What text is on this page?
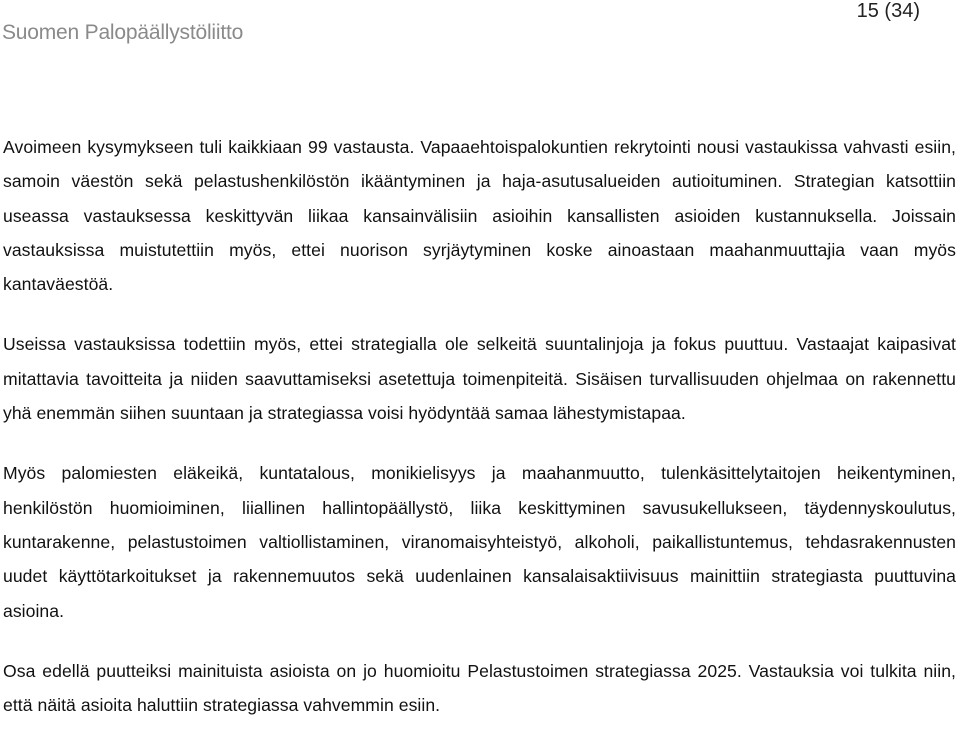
Suomen Palopäällystöliitto
15 (34)

Avoimeen kysymykseen tuli kaikkiaan 99 vastausta. Vapaaehtoispalokuntien rekrytointi nousi vastaukissa vahvasti esiin, samoin väestön sekä pelastushenkilöstön ikääntyminen ja haja-asutusalueiden autioituminen. Strategian katsottiin useassa vastauksessa keskittyvän liikaa kansainvälisiin asioihin kansallisten asioiden kustannuksella. Joissain vastauksissa muistutettiin myös, ettei nuorison syrjäytyminen koske ainoastaan maahanmuuttajia vaan myös kantaväestöä.

Useissa vastauksissa todettiin myös, ettei strategialla ole selkeitä suuntalinjoja ja fokus puuttuu. Vastaajat kaipasivat mitattavia tavoitteita ja niiden saavuttamiseksi asetettuja toimenpiteitä. Sisäisen turvallisuuden ohjelmaa on rakennettu yhä enemmän siihen suuntaan ja strategiassa voisi hyödyntää samaa lähestymistapaa.

Myös palomiesten eläkeikä, kuntatalous, monikielisyys ja maahanmuutto, tulenkäsittelytaitojen heikentyminen, henkilöstön huomioiminen, liiallinen hallintopäällystö, liika keskittyminen savusukellukseen, täydennyskoulutus, kuntarakenne, pelastustoimen valtiollistaminen, viranomaisyhteistyö, alkoholi, paikallistuntemus, tehdasrakennusten uudet käyttötarkoitukset ja rakennemuutos sekä uudenlainen kansalaisaktiivisuus mainittiin strategiasta puuttuvina asioina.

Osa edellä puutteiksi mainituista asioista on jo huomioitu Pelastustoimen strategiassa 2025. Vastauksia voi tulkita niin, että näitä asioita haluttiin strategiassa vahvemmin esiin.
